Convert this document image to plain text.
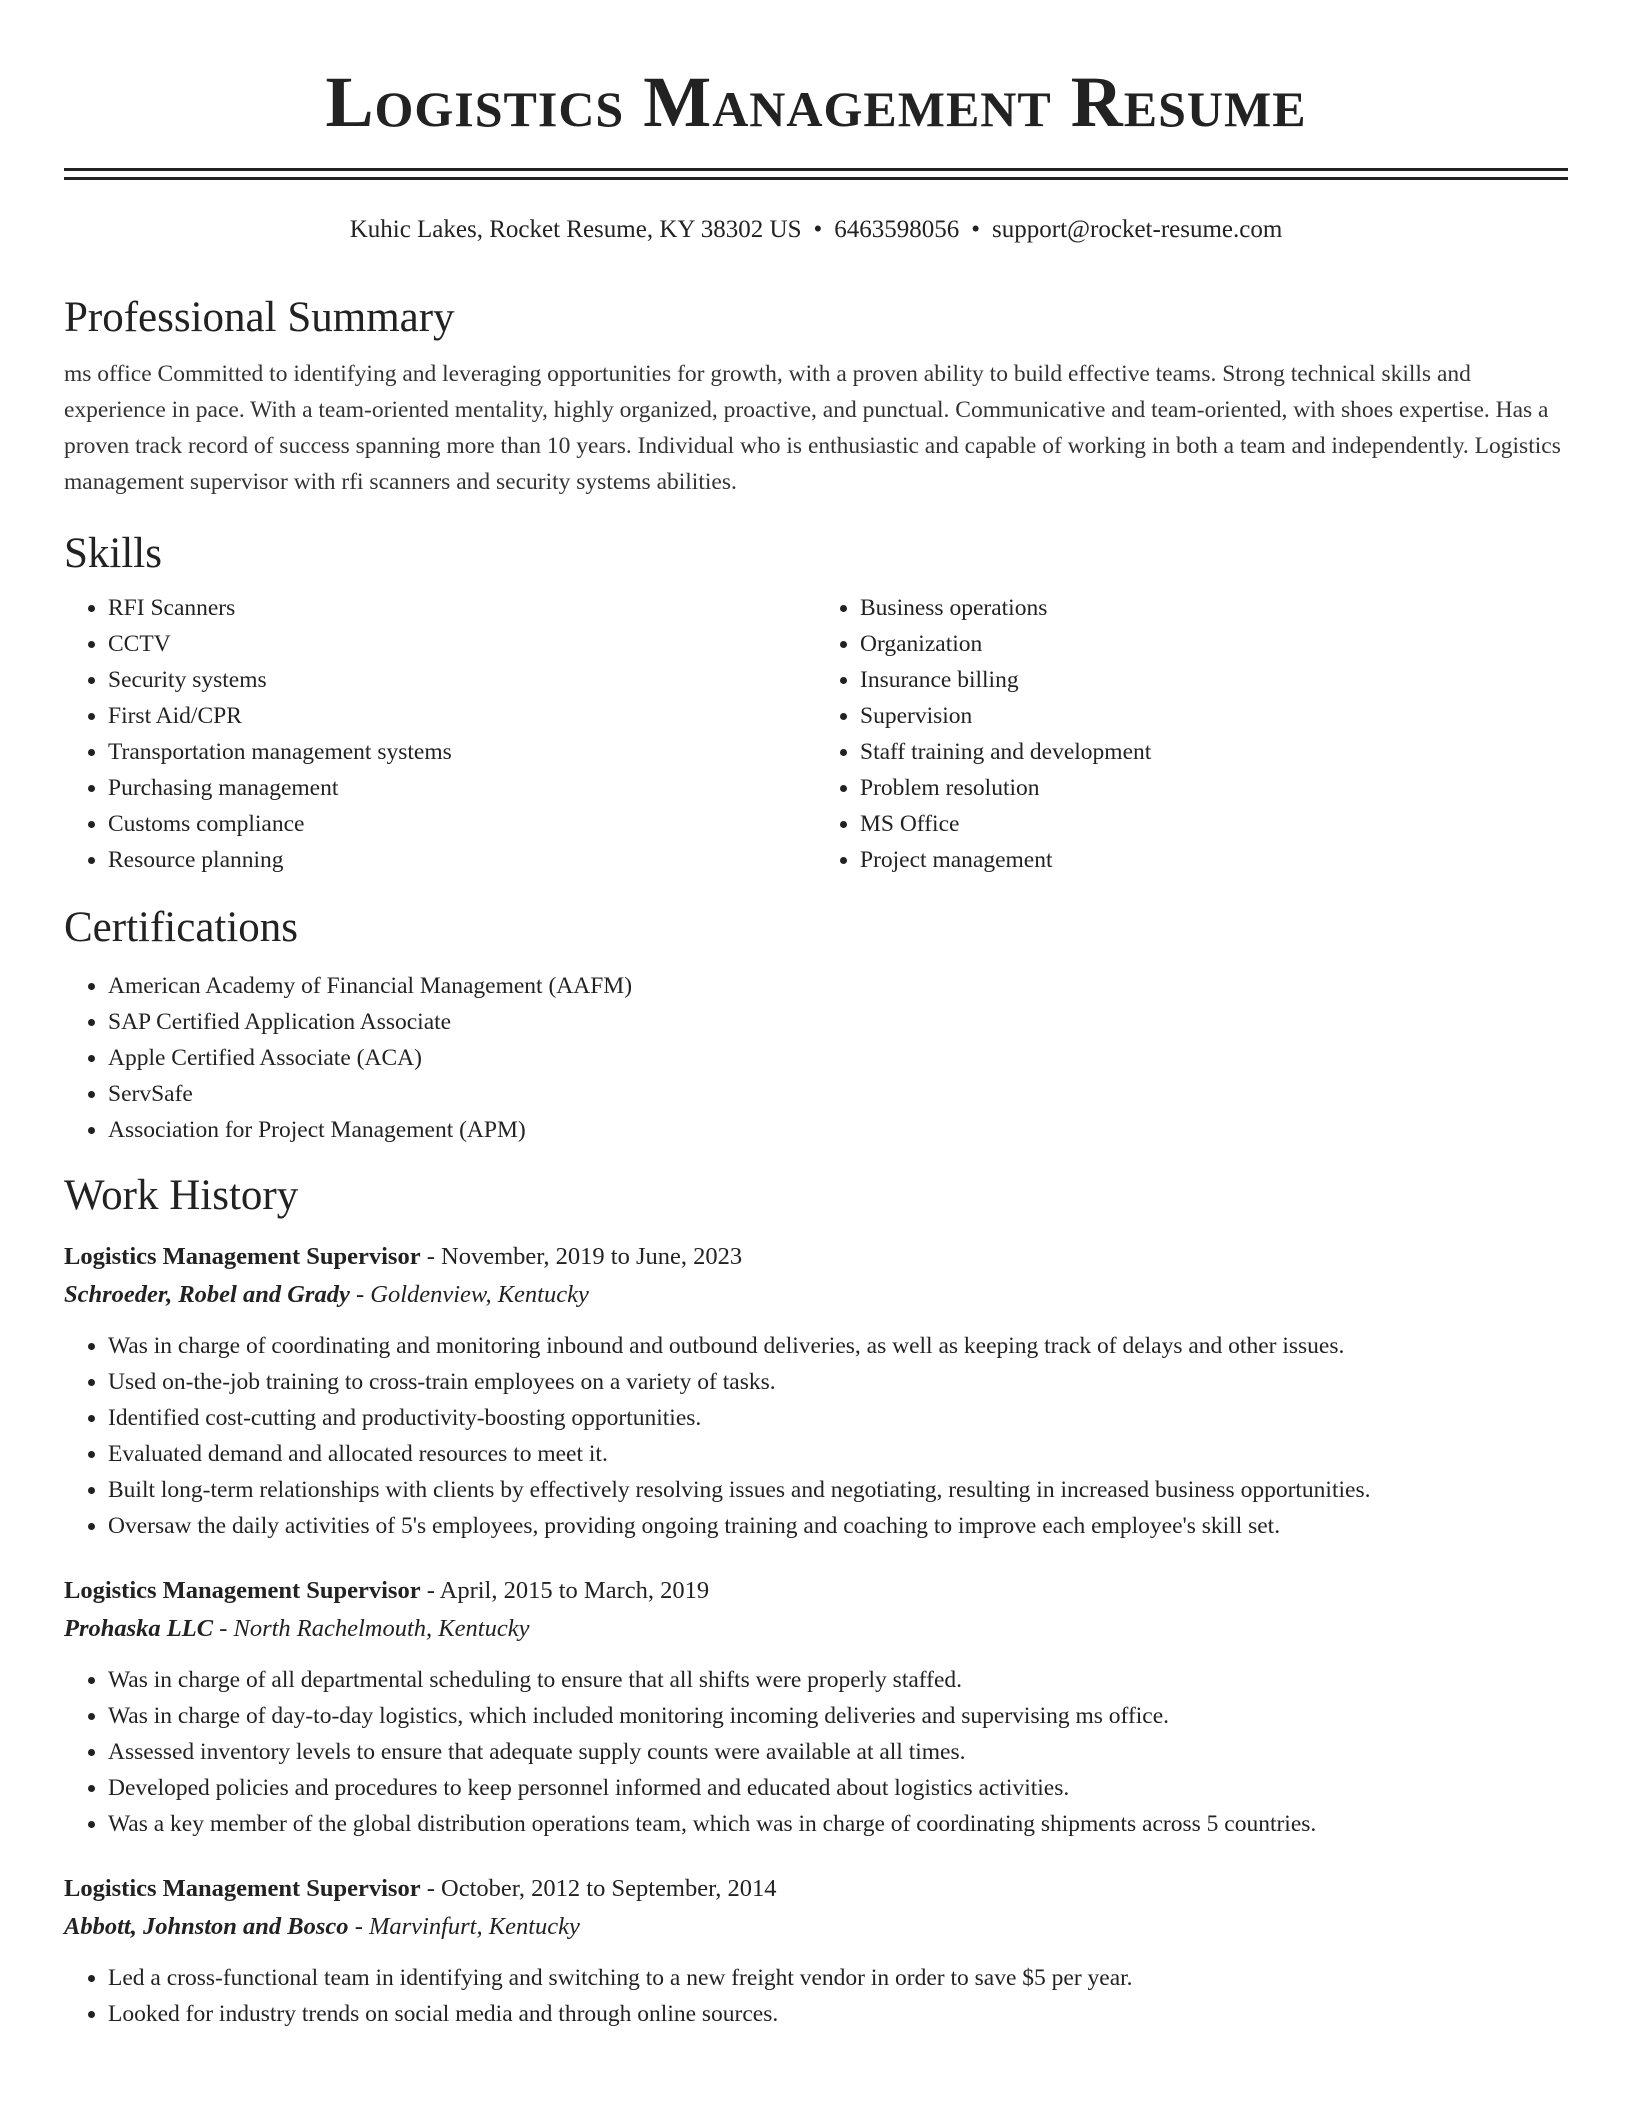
Logistics Management Resume
Kuhic Lakes, Rocket Resume, KY 38302 US • 6463598056 • support@rocket-resume.com
Professional Summary

ms office Committed to identifying and leveraging opportunities for growth, with a proven ability to build effective teams. Strong technical skills and experience in pace. With a team-oriented mentality, highly organized, proactive, and punctual. Communicative and team-oriented, with shoes expertise. Has a proven track record of success spanning more than 10 years. Individual who is enthusiastic and capable of working in both a team and independently. Logistics management supervisor with rfi scanners and security systems abilities.

Skills
• RFI Scanners
• CCTV
• Security systems
• First Aid/CPR
• Transportation management systems
• Purchasing management
• Customs compliance
• Resource planning
• Business operations
• Organization
• Insurance billing
• Supervision
• Staff training and development
• Problem resolution
• MS Office
• Project management
Certifications
• American Academy of Financial Management (AAFM)
• SAP Certified Application Associate
• Apple Certified Associate (ACA)
• ServSafe
• Association for Project Management (APM)
Work History
Logistics Management Supervisor - November, 2019 to June, 2023
Schroeder, Robel and Grady - Goldenview, Kentucky
• Was in charge of coordinating and monitoring inbound and outbound deliveries, as well as keeping track of delays and other issues.
• Used on-the-job training to cross-train employees on a variety of tasks.
• Identified cost-cutting and productivity-boosting opportunities.
• Evaluated demand and allocated resources to meet it.
• Built long-term relationships with clients by effectively resolving issues and negotiating, resulting in increased business opportunities.
• Oversaw the daily activities of 5's employees, providing ongoing training and coaching to improve each employee's skill set.
Logistics Management Supervisor - April, 2015 to March, 2019
Prohaska LLC - North Rachelmouth, Kentucky
• Was in charge of all departmental scheduling to ensure that all shifts were properly staffed.
• Was in charge of day-to-day logistics, which included monitoring incoming deliveries and supervising ms office.
• Assessed inventory levels to ensure that adequate supply counts were available at all times.
• Developed policies and procedures to keep personnel informed and educated about logistics activities.
• Was a key member of the global distribution operations team, which was in charge of coordinating shipments across 5 countries.
Logistics Management Supervisor - October, 2012 to September, 2014
Abbott, Johnston and Bosco - Marvinfurt, Kentucky
• Led a cross-functional team in identifying and switching to a new freight vendor in order to save $5 per year.
• Looked for industry trends on social media and through online sources.
